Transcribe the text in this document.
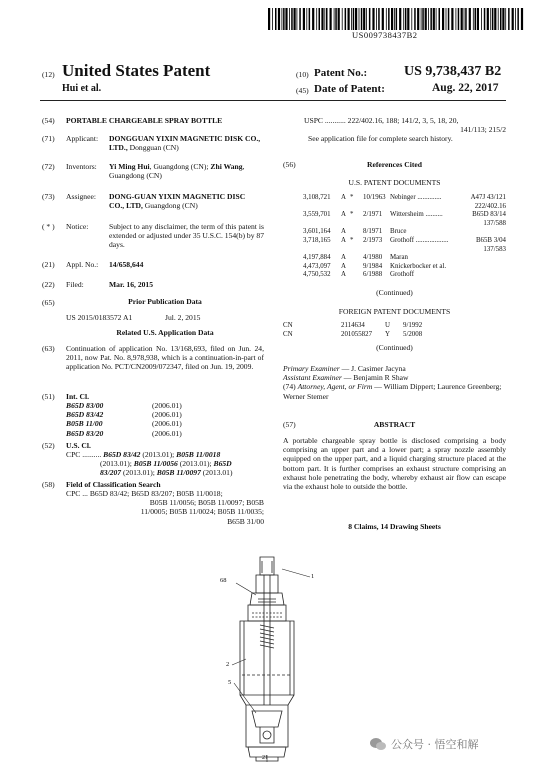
US009738437B2
(12) United States Patent
Hui et al.
(10) Patent No.:	US 9,738,437 B2
(45) Date of Patent:	Aug. 22, 2017
(54) PORTABLE CHARGEABLE SPRAY BOTTLE
(71) Applicant: DONGGUAN YIXIN MAGNETIC DISK CO., LTD., Dongguan (CN)
(72) Inventors: Yi Ming Hui, Guangdong (CN); Zhi Wang, Guangdong (CN)
(73) Assignee: DONG-GUAN YIXIN MAGNETIC DISC CO., LTD, Guangdong (CN)
( * ) Notice:	Subject to any disclaimer, the term of this patent is extended or adjusted under 35 U.S.C. 154(b) by 87 days.
(21) Appl. No.: 14/658,644
(22) Filed:	Mar. 16, 2015
(65)	Prior Publication Data
US 2015/0183572 A1	Jul. 2, 2015
Related U.S. Application Data
(63) Continuation of application No. 13/168,693, filed on Jun. 24, 2011, now Pat. No. 8,978,938, which is a continuation-in-part of application No. PCT/CN2009/072347, filed on Jun. 19, 2009.
(51) Int. Cl.
B65D 83/00	(2006.01)
B65D 83/42	(2006.01)
B05B 11/00	(2006.01)
B65D 83/20	(2006.01)
(52) U.S. Cl.
CPC .......... B65D 83/42 (2013.01); B05B 11/0018
(2013.01); B05B 11/0056 (2013.01); B65D
83/207 (2013.01); B05B 11/0097 (2013.01)
(58) Field of Classification Search
CPC ... B65D 83/42; B65D 83/207; B05B 11/0018;
B05B 11/0056; B05B 11/0097; B05B
11/0005; B05B 11/0024; B05B 11/0035;
B65B 31/00
USPC ........... 222/402.16, 188; 141/2, 3, 5, 18, 20,
141/113; 215/2
See application file for complete search history.
(56)	References Cited
U.S. PATENT DOCUMENTS
3,108,721 A * 10/1963 Nebinger ..............	A47J 43/121
222/402.16
3,559,701 A * 2/1971 Wittersheim ..........	B65D 83/14
137/588
3,601,164 A 8/1971 Bruce
3,718,165 A * 2/1973 Grothoff ...................	B65B 3/04
137/583
4,197,884 A 4/1980 Maran
4,473,097 A 9/1984 Knickerbocker et al.
4,750,532 A 6/1988 Grothoff
(Continued)
FOREIGN PATENT DOCUMENTS
CN	2114634	U 9/1992
CN	201055827 Y 5/2008
(Continued)
Primary Examiner — J. Casimer Jacyna
Assistant Examiner — Benjamin R Shaw
(74) Attorney, Agent, or Firm — William Dippert; Laurence Greenberg; Werner Stemer
(57)	ABSTRACT
A portable chargeable spray bottle is disclosed comprising a body comprising an upper part and a lower part; a spray nozzle assembly equipped on the upper part, and a liquid charging structure placed at the bottom part. It is further comprises an exhaust structure comprising an exhaust hole penetrating the body, whereby exhaust air flow can escape via the exhaust hole to outside the bottle.
8 Claims, 14 Drawing Sheets
68
1
2
5
21
公众号 · 悟空和解
